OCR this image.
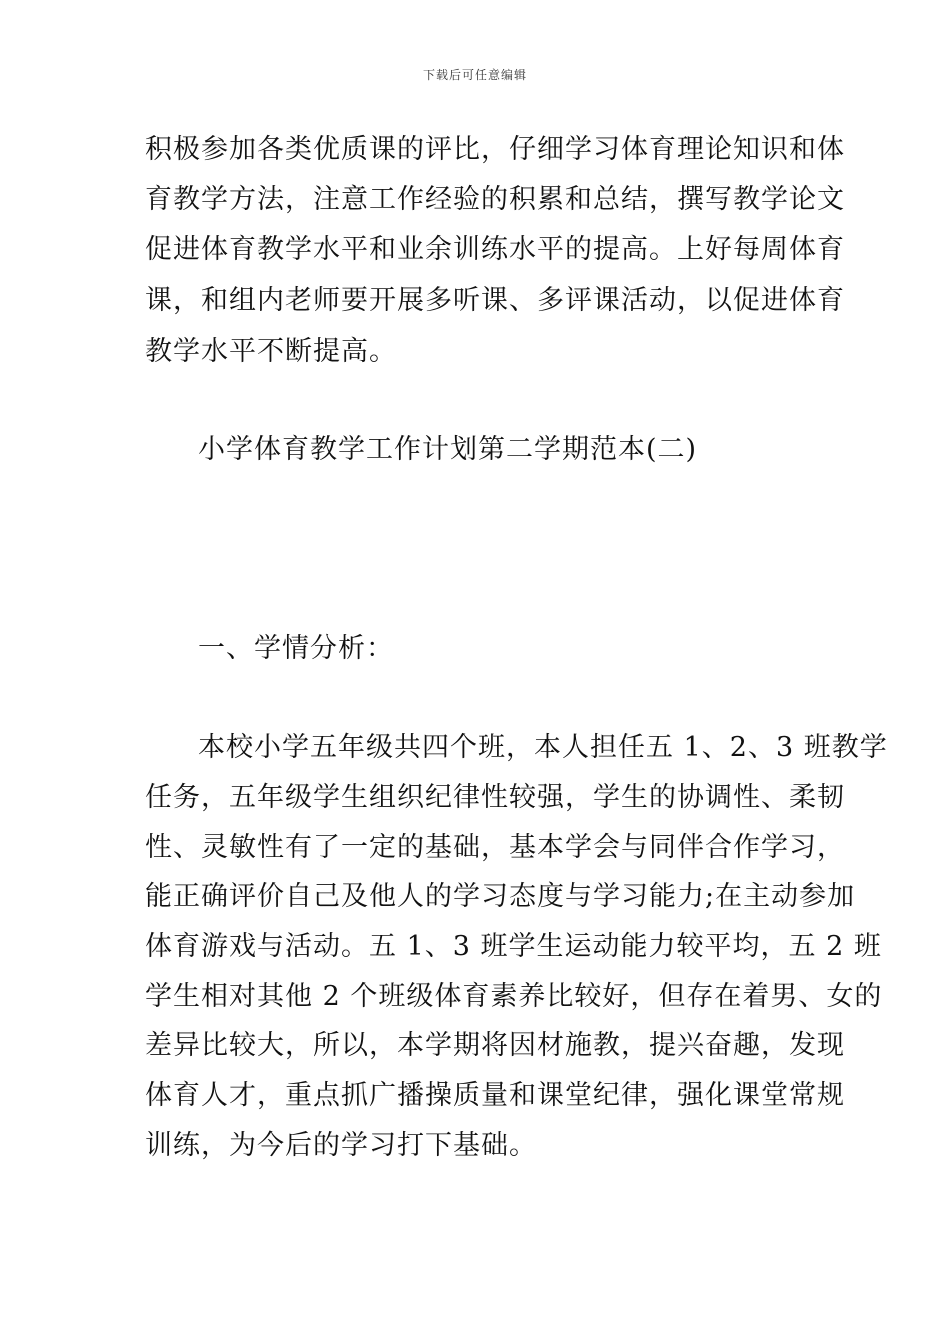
下载后可任意编辑
积极参加各类优质课的评比，仔细学习体育理论知识和体
育教学方法，注意工作经验的积累和总结，撰写教学论文
促进体育教学水平和业余训练水平的提高。上好每周体育
课，和组内老师要开展多听课、多评课活动，以促进体育
教学水平不断提高。
小学体育教学工作计划第二学期范本(二)
一、学情分析：
本校小学五年级共四个班，本人担任五 1、2、3 班教学
任务，五年级学生组织纪律性较强，学生的协调性、柔韧
性、灵敏性有了一定的基础，基本学会与同伴合作学习，
能正确评价自己及他人的学习态度与学习能力;在主动参加
体育游戏与活动。五 1、3 班学生运动能力较平均，五 2 班
学生相对其他 2 个班级体育素养比较好，但存在着男、女的
差异比较大，所以，本学期将因材施教，提兴奋趣，发现
体育人才，重点抓广播操质量和课堂纪律，强化课堂常规
训练，为今后的学习打下基础。
